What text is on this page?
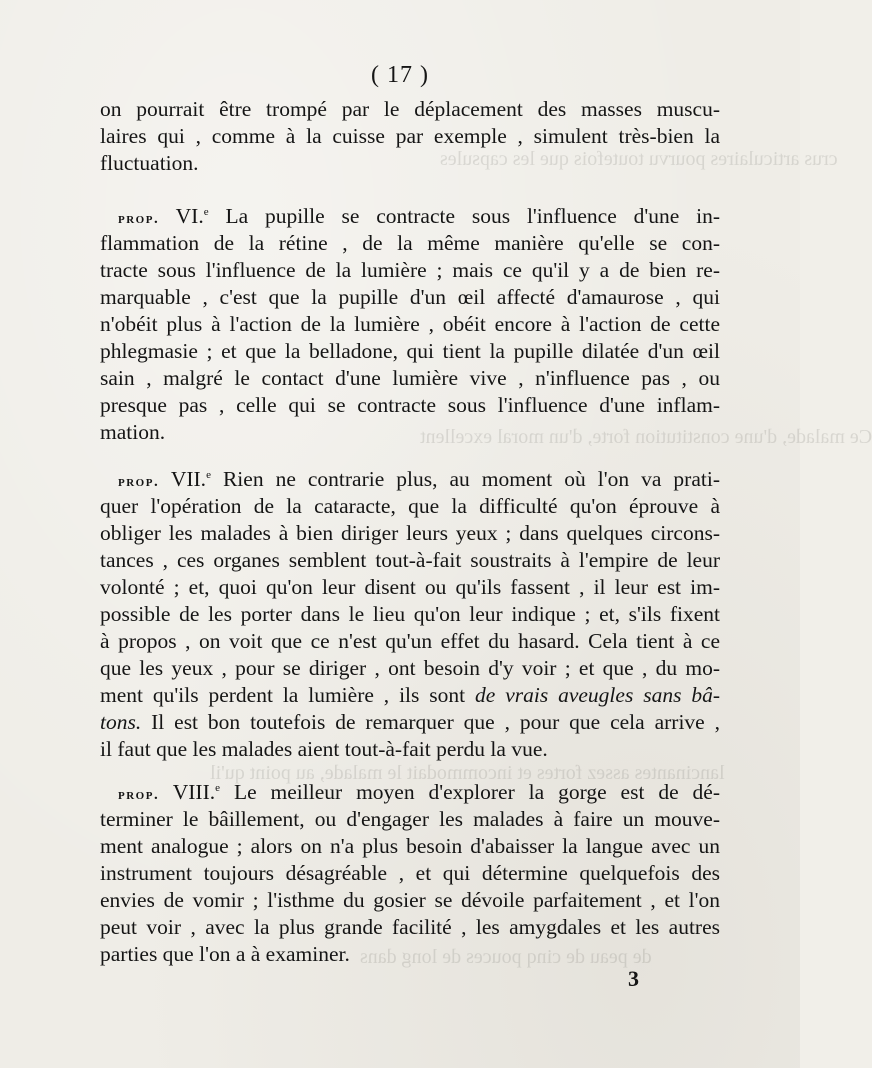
crus articulaires pourvu toutefois que les capsules
Ce malade, d'une constitution forte, d'un moral excellent
lancinantes assez fortes et incommodait le malade, au point qu'il
de peau de cinq pouces de long dans
( 17 )
on pourrait être trompé par le déplacement des masses muscu-
laires qui , comme à la cuisse par exemple , simulent très-bien la
fluctuation.
prop. VI.$^e$ La pupille se contracte sous l'influence d'une in-
flammation de la rétine , de la même manière qu'elle se con-
tracte sous l'influence de la lumière ; mais ce qu'il y a de bien re-
marquable , c'est que la pupille d'un œil affecté d'amaurose , qui
n'obéit plus à l'action de la lumière , obéit encore à l'action de cette
phlegmasie ; et que la belladone, qui tient la pupille dilatée d'un œil
sain , malgré le contact d'une lumière vive , n'influence pas , ou
presque pas , celle qui se contracte sous l'influence d'une inflam-
mation.
prop. VII.$^e$ Rien ne contrarie plus, au moment où l'on va prati-
quer l'opération de la cataracte, que la difficulté qu'on éprouve à
obliger les malades à bien diriger leurs yeux ; dans quelques circons-
tances , ces organes semblent tout-à-fait soustraits à l'empire de leur
volonté ; et, quoi qu'on leur disent ou qu'ils fassent , il leur est im-
possible de les porter dans le lieu qu'on leur indique ; et, s'ils fixent
à propos , on voit que ce n'est qu'un effet du hasard. Cela tient à ce
que les yeux , pour se diriger , ont besoin d'y voir ; et que , du mo-
ment qu'ils perdent la lumière , ils sont de vrais aveugles sans bâ-
tons. Il est bon toutefois de remarquer que , pour que cela arrive ,
il faut que les malades aient tout-à-fait perdu la vue.
prop. VIII.$^e$ Le meilleur moyen d'explorer la gorge est de dé-
terminer le bâillement, ou d'engager les malades à faire un mouve-
ment analogue ; alors on n'a plus besoin d'abaisser la langue avec un
instrument toujours désagréable , et qui détermine quelquefois des
envies de vomir ; l'isthme du gosier se dévoile parfaitement , et l'on
peut voir , avec la plus grande facilité , les amygdales et les autres
parties que l'on a à examiner.
3
